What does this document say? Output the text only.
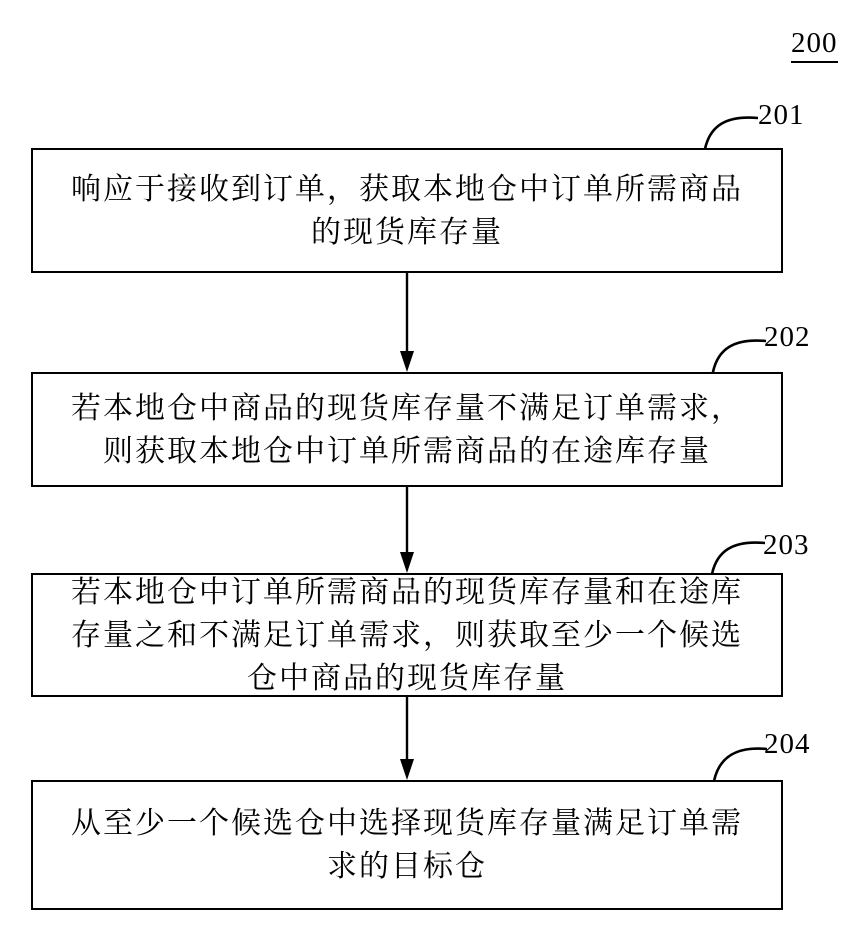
200
201
响应于接收到订单，获取本地仓中订单所需商品
的现货库存量
202
若本地仓中商品的现货库存量不满足订单需求，
则获取本地仓中订单所需商品的在途库存量
203
若本地仓中订单所需商品的现货库存量和在途库
存量之和不满足订单需求，则获取至少一个候选
仓中商品的现货库存量
204
从至少一个候选仓中选择现货库存量满足订单需
求的目标仓
